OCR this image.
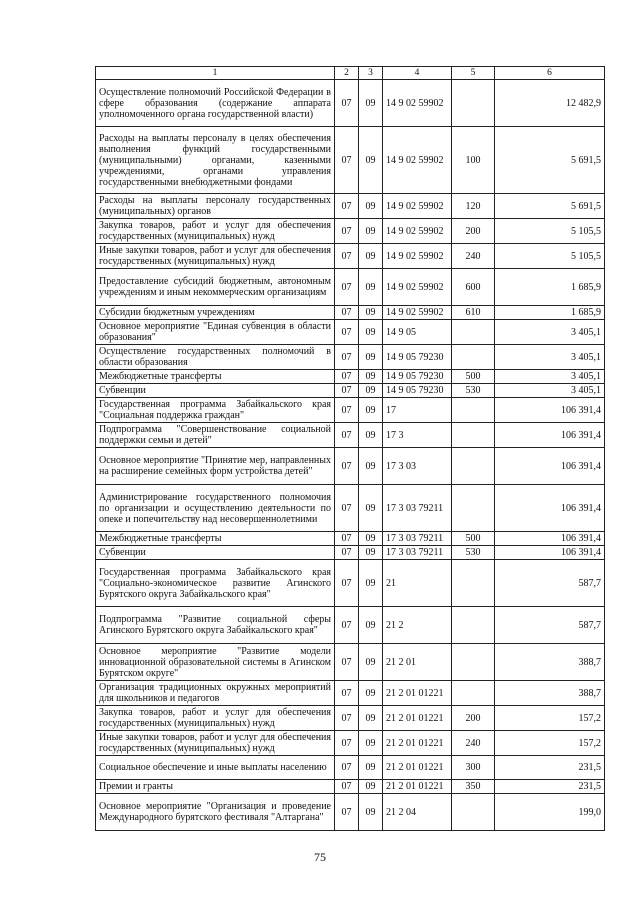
1	2	3	4	5	6
Осуществление полномочий Российской Федерации в сфере образования (содержание аппарата уполномоченного органа государственной власти)	07	09	14 9 02 59902		12 482,9
Расходы на выплаты персоналу в целях обеспечения выполнения функций государственными (муниципальными) органами, казенными учреждениями, органами управления государственными внебюджетными фондами	07	09	14 9 02 59902	100	5 691,5
Расходы на выплаты персоналу государственных (муниципальных) органов	07	09	14 9 02 59902	120	5 691,5
Закупка товаров, работ и услуг для обеспечения государственных (муниципальных) нужд	07	09	14 9 02 59902	200	5 105,5
Иные закупки товаров, работ и услуг для обеспечения государственных (муниципальных) нужд	07	09	14 9 02 59902	240	5 105,5
Предоставление субсидий бюджетным, автономным учреждениям и иным некоммерческим организациям	07	09	14 9 02 59902	600	1 685,9
Субсидии бюджетным учреждениям	07	09	14 9 02 59902	610	1 685,9
Основное мероприятие "Единая субвенция в области образования"	07	09	14 9 05		3 405,1
Осуществление государственных полномочий в области образования	07	09	14 9 05 79230		3 405,1
Межбюджетные трансферты	07	09	14 9 05 79230	500	3 405,1
Субвенции	07	09	14 9 05 79230	530	3 405,1
Государственная программа Забайкальского края "Социальная поддержка граждан"	07	09	17		106 391,4
Подпрограмма "Совершенствование социальной поддержки семьи и детей"	07	09	17 3		106 391,4
Основное мероприятие "Принятие мер, направленных на расширение семейных форм устройства детей"	07	09	17 3 03		106 391,4
Администрирование государственного полномочия по организации и осуществлению деятельности по опеке и попечительству над несовершеннолетними	07	09	17 3 03 79211		106 391,4
Межбюджетные трансферты	07	09	17 3 03 79211	500	106 391,4
Субвенции	07	09	17 3 03 79211	530	106 391,4
Государственная программа Забайкальского края "Социально-экономическое развитие Агинского Бурятского округа Забайкальского края"	07	09	21		587,7
Подпрограмма "Развитие социальной сферы Агинского Бурятского округа Забайкальского края"	07	09	21 2		587,7
Основное мероприятие "Развитие модели инновационной образовательной системы в Агинском Бурятском округе"	07	09	21 2 01		388,7
Организация традиционных окружных мероприятий для школьников и педагогов	07	09	21 2 01 01221		388,7
Закупка товаров, работ и услуг для обеспечения государственных (муниципальных) нужд	07	09	21 2 01 01221	200	157,2
Иные закупки товаров, работ и услуг для обеспечения государственных (муниципальных) нужд	07	09	21 2 01 01221	240	157,2
Социальное обеспечение и иные выплаты населению	07	09	21 2 01 01221	300	231,5
Премии и гранты	07	09	21 2 01 01221	350	231,5
Основное мероприятие "Организация и проведение Международного бурятского фестиваля "Алтаргана"	07	09	21 2 04		199,0
75
